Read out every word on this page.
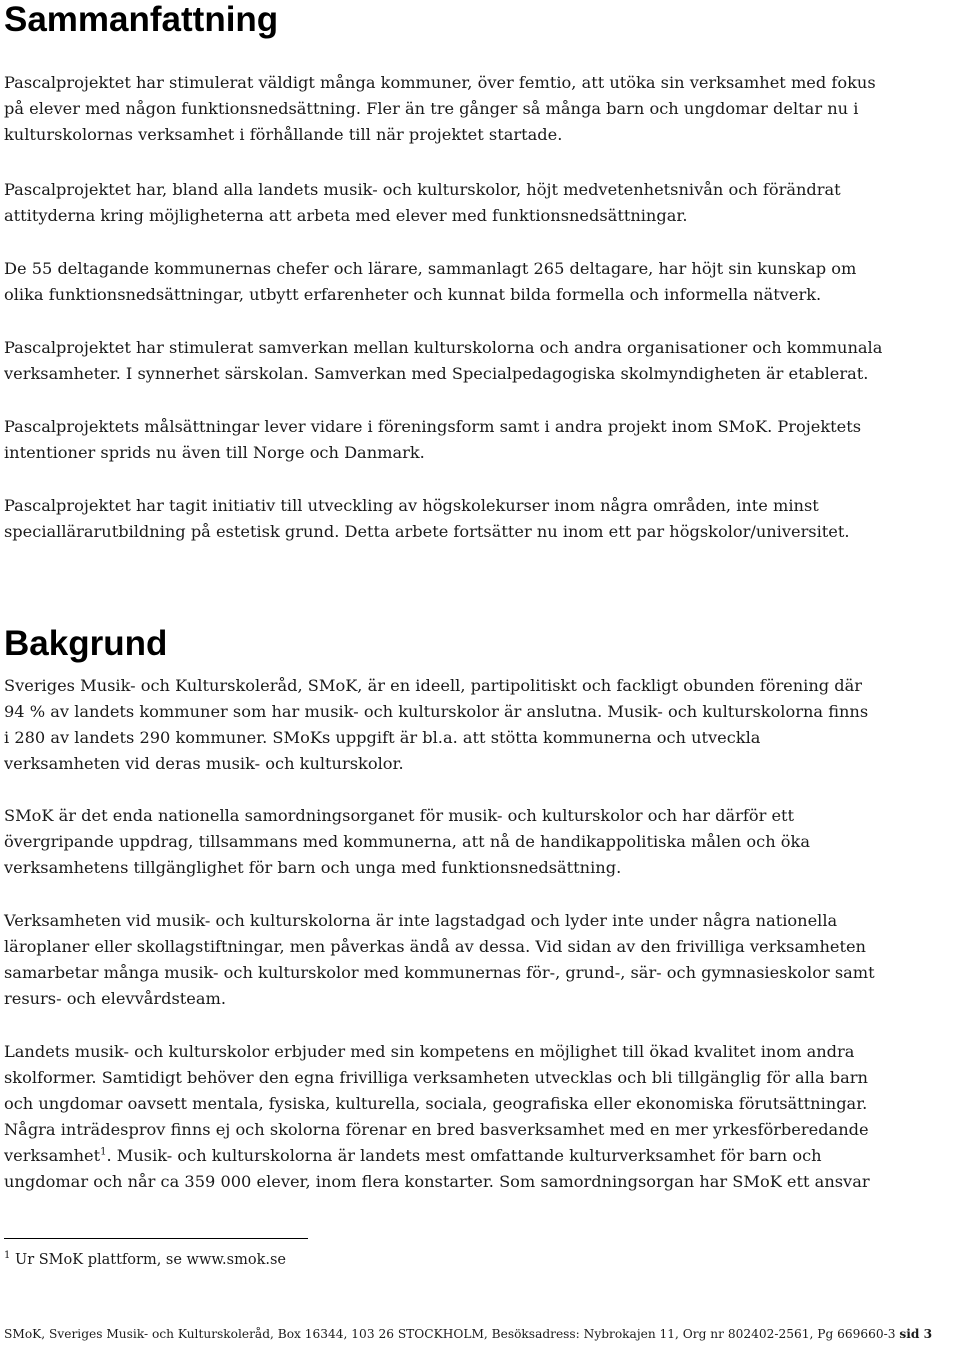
Sammanfattning

Pascalprojektet har stimulerat väldigt många kommuner, över femtio, att utöka sin verksamhet med fokus
på elever med någon funktionsnedsättning. Fler än tre gånger så många barn och ungdomar deltar nu i
kulturskolornas verksamhet i förhållande till när projektet startade.

Pascalprojektet har, bland alla landets musik- och kulturskolor, höjt medvetenhetsnivån och förändrat
attityderna kring möjligheterna att arbeta med elever med funktionsnedsättningar.

De 55 deltagande kommunernas chefer och lärare, sammanlagt 265 deltagare, har höjt sin kunskap om
olika funktionsnedsättningar, utbytt erfarenheter och kunnat bilda formella och informella nätverk.

Pascalprojektet har stimulerat samverkan mellan kulturskolorna och andra organisationer och kommunala
verksamheter. I synnerhet särskolan. Samverkan med Specialpedagogiska skolmyndigheten är etablerat.

Pascalprojektets målsättningar lever vidare i föreningsform samt i andra projekt inom SMoK. Projektets
intentioner sprids nu även till Norge och Danmark.

Pascalprojektet har tagit initiativ till utveckling av högskolekurser inom några områden, inte minst
speciallärarutbildning på estetisk grund. Detta arbete fortsätter nu inom ett par högskolor/universitet.

Bakgrund

Sveriges Musik- och Kulturskoleråd, SMoK, är en ideell, partipolitiskt och fackligt obunden förening där
94 % av landets kommuner som har musik- och kulturskolor är anslutna. Musik- och kulturskolorna finns
i 280 av landets 290 kommuner. SMoKs uppgift är bl.a. att stötta kommunerna och utveckla
verksamheten vid deras musik- och kulturskolor.

SMoK är det enda nationella samordningsorganet för musik- och kulturskolor och har därför ett
övergripande uppdrag, tillsammans med kommunerna, att nå de handikappolitiska målen och öka
verksamhetens tillgänglighet för barn och unga med funktionsnedsättning.

Verksamheten vid musik- och kulturskolorna är inte lagstadgad och lyder inte under några nationella
läroplaner eller skollagstiftningar, men påverkas ändå av dessa. Vid sidan av den frivilliga verksamheten
samarbetar många musik- och kulturskolor med kommunernas för-, grund-, sär- och gymnasieskolor samt
resurs- och elevvårdsteam.

Landets musik- och kulturskolor erbjuder med sin kompetens en möjlighet till ökad kvalitet inom andra
skolformer. Samtidigt behöver den egna frivilliga verksamheten utvecklas och bli tillgänglig för alla barn
och ungdomar oavsett mentala, fysiska, kulturella, sociala, geografiska eller ekonomiska förutsättningar.
Några inträdesprov finns ej och skolorna förenar en bred basverksamhet med en mer yrkesförberedande
verksamhet$^1$. Musik- och kulturskolorna är landets mest omfattande kulturverksamhet för barn och
ungdomar och når ca 359 000 elever, inom flera konstarter. Som samordningsorgan har SMoK ett ansvar

$^1$ Ur SMoK plattform, se www.smok.se
SMoK, Sveriges Musik- och Kulturskoleråd, Box 16344, 103 26 STOCKHOLM, Besöksadress: Nybrokajen 11, Org nr 802402-2561, Pg 669660-3 sid 3
